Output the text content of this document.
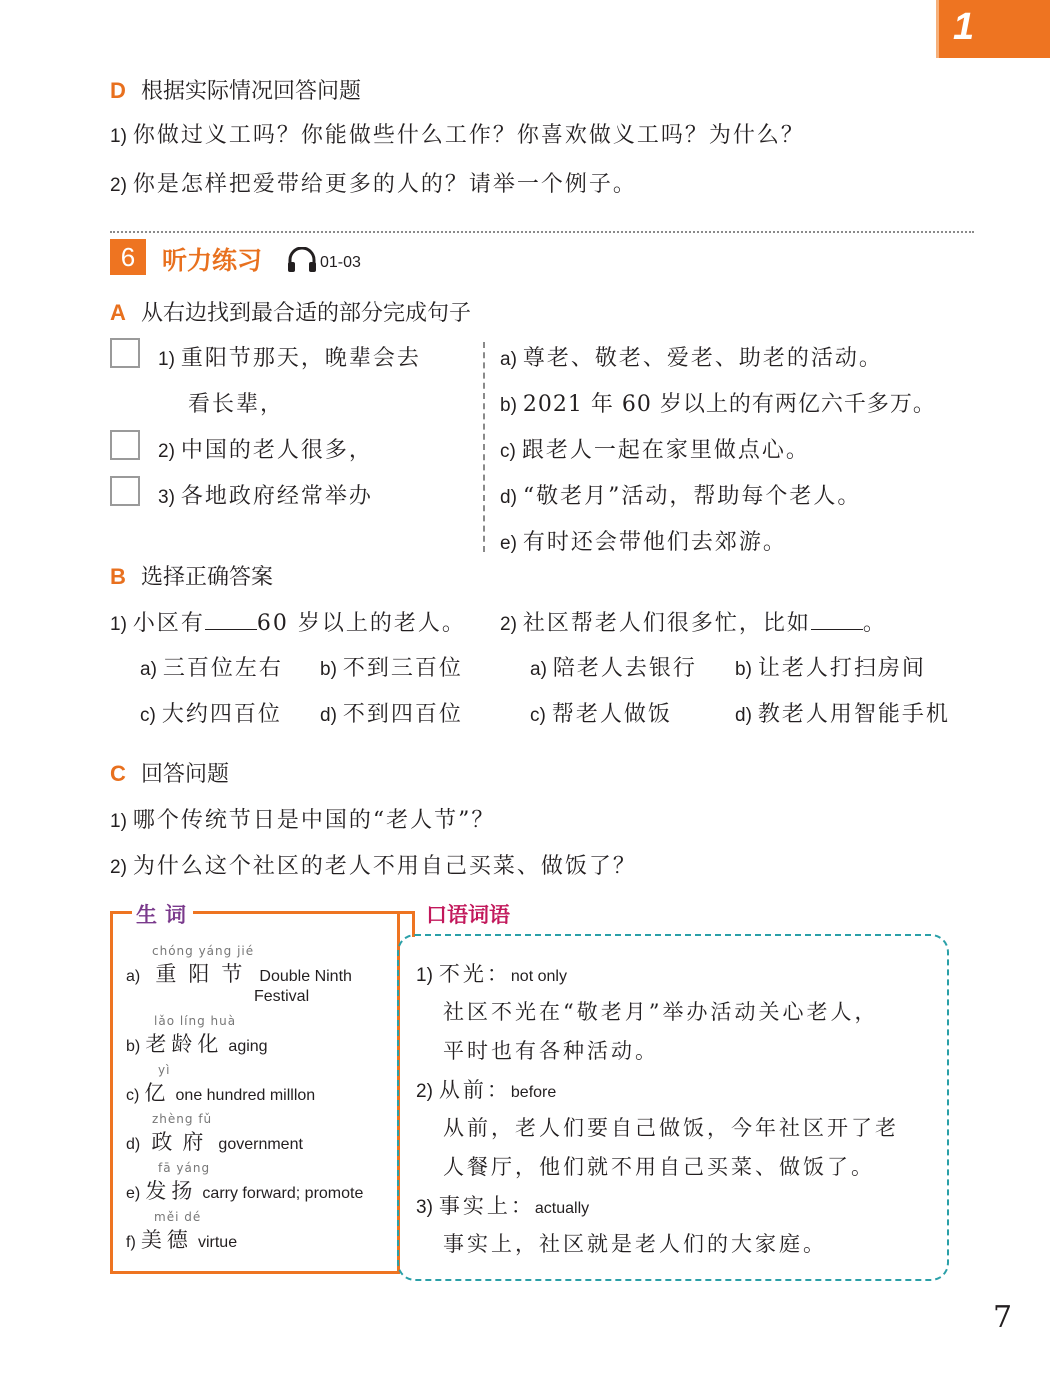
1
D 根据实际情况回答问题
1) 你做过义工吗？你能做些什么工作？你喜欢做义工吗？为什么？
2) 你是怎样把爱带给更多的人的？请举一个例子。
6	听力练习	01-03
A 从右边找到最合适的部分完成句子
1) 重阳节那天，晚辈会去
看长辈，
2) 中国的老人很多，
3) 各地政府经常举办
a) 尊老、敬老、爱老、助老的活动。
b) 2021 年 60 岁以上的有两亿六千多万。
c) 跟老人一起在家里做点心。
d) “敬老月”活动，帮助每个老人。
e) 有时还会带他们去郊游。
B 选择正确答案
1) 小区有 60 岁以上的老人。 2) 社区帮老人们很多忙，比如 。
a) 三百位左右 b) 不到三百位
c) 大约四百位 d) 不到四百位
a) 陪老人去银行 b) 让老人打扫房间
c) 帮老人做饭	d) 教老人用智能手机
C 回答问题
1) 哪个传统节日是中国的“老人节”？
2) 为什么这个社区的老人不用自己买菜、做饭了？
生词
chóng yáng jié
a) 重阳节 Double Ninth
Festival
lǎo líng huà
b) 老龄化 aging
yì
c) 亿 one hundred milllon
zhèng fǔ
d) 政府 government
fā yáng
e) 发扬 carry forward; promote
měi dé
f) 美德 virtue
口语词语
1) 不光：not only
社区不光在“敬老月”举办活动关心老人，
平时也有各种活动。
2) 从前：before
从前，老人们要自己做饭，今年社区开了老
人餐厅，他们就不用自己买菜、做饭了。
3) 事实上：actually
事实上，社区就是老人们的大家庭。
7
